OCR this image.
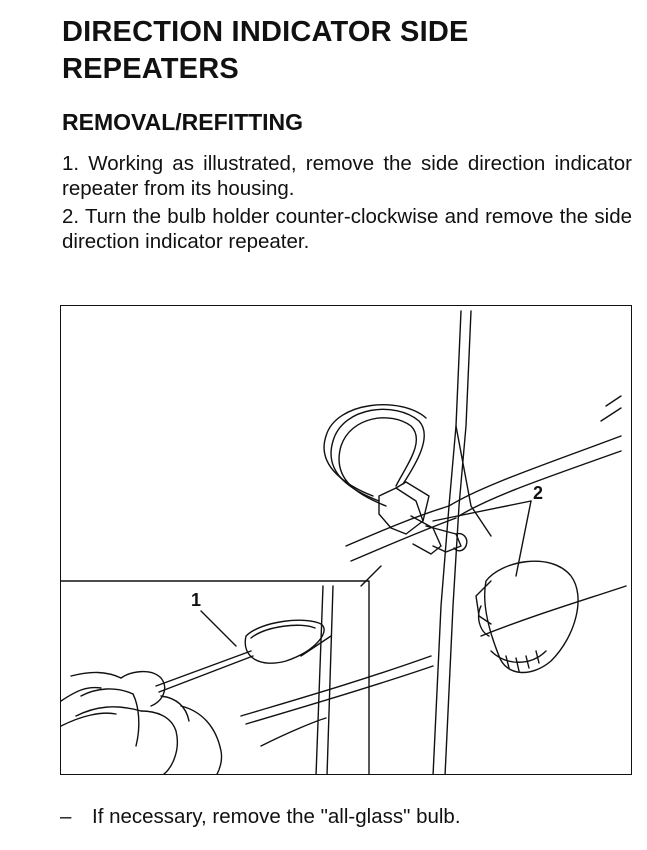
DIRECTION INDICATOR SIDE REPEATERS
REMOVAL/REFITTING

1. Working as illustrated, remove the side direction indicator repeater from its housing.

2. Turn the bulb holder counter-clockwise and remove the side direction indicator repeater.

1
2

– If necessary, remove the "all-glass" bulb.
